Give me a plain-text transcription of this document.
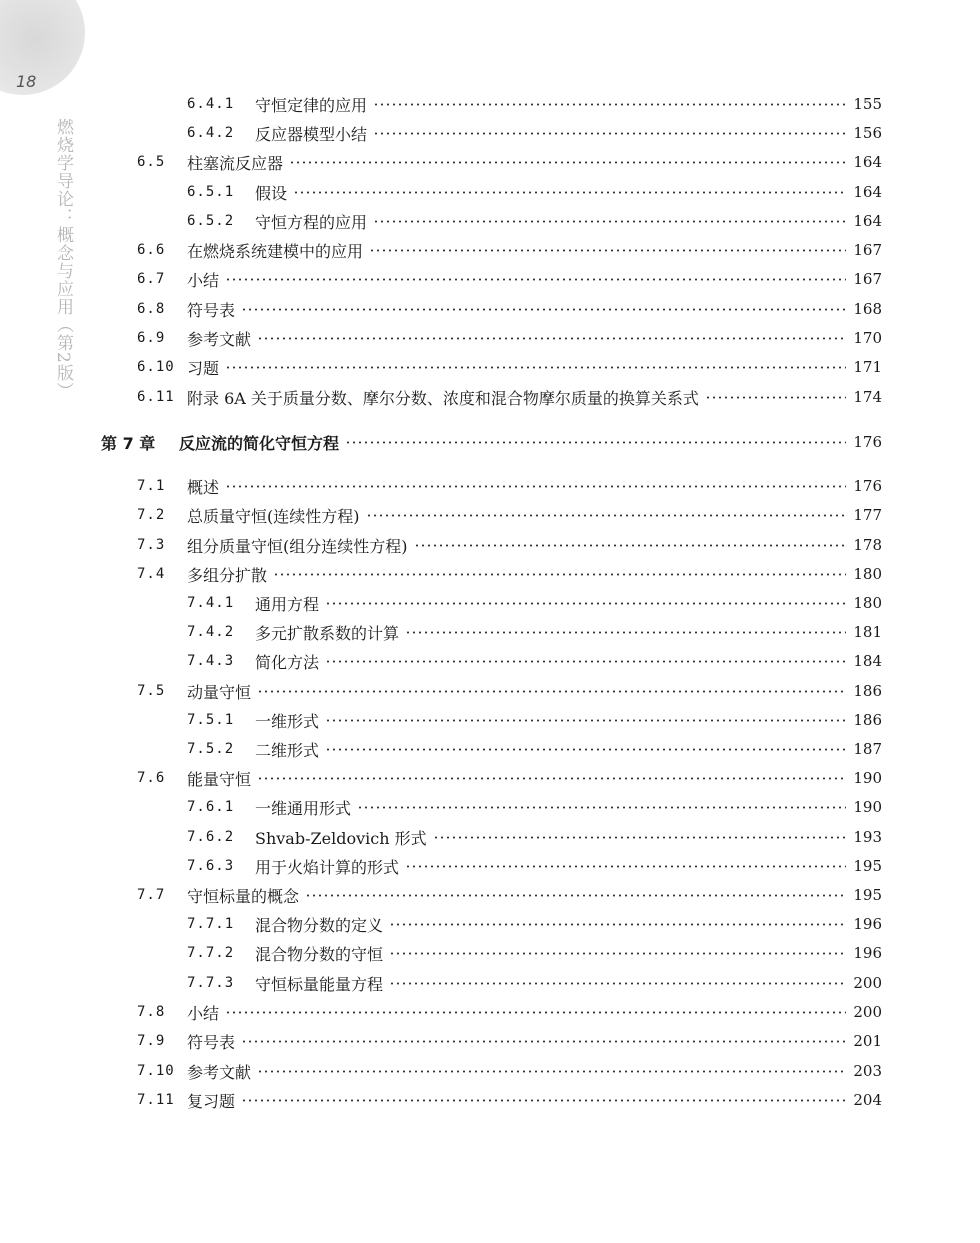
18
燃烧学导论：概念与应用（第2版）
6.4.1	守恒定律的应用	155
6.4.2	反应器模型小结	156
6.5	柱塞流反应器	164
6.5.1	假设	164
6.5.2	守恒方程的应用	164
6.6	在燃烧系统建模中的应用	167
6.7	小结	167
6.8	符号表	168
6.9	参考文献	170
6.10 习题	171
6.11 附录 6A 关于质量分数、摩尔分数、浓度和混合物摩尔质量的换算关系式	174
第 7 章	反应流的简化守恒方程	176
7.1	概述	176
7.2	总质量守恒(连续性方程)	177
7.3	组分质量守恒(组分连续性方程)	178
7.4	多组分扩散	180
7.4.1	通用方程	180
7.4.2	多元扩散系数的计算	181
7.4.3	简化方法	184
7.5	动量守恒	186
7.5.1	一维形式	186
7.5.2	二维形式	187
7.6	能量守恒	190
7.6.1	一维通用形式	190
7.6.2	Shvab-Zeldovich 形式	193
7.6.3	用于火焰计算的形式	195
7.7	守恒标量的概念	195
7.7.1	混合物分数的定义	196
7.7.2	混合物分数的守恒	196
7.7.3	守恒标量能量方程	200
7.8	小结	200
7.9	符号表	201
7.10 参考文献	203
7.11 复习题	204
